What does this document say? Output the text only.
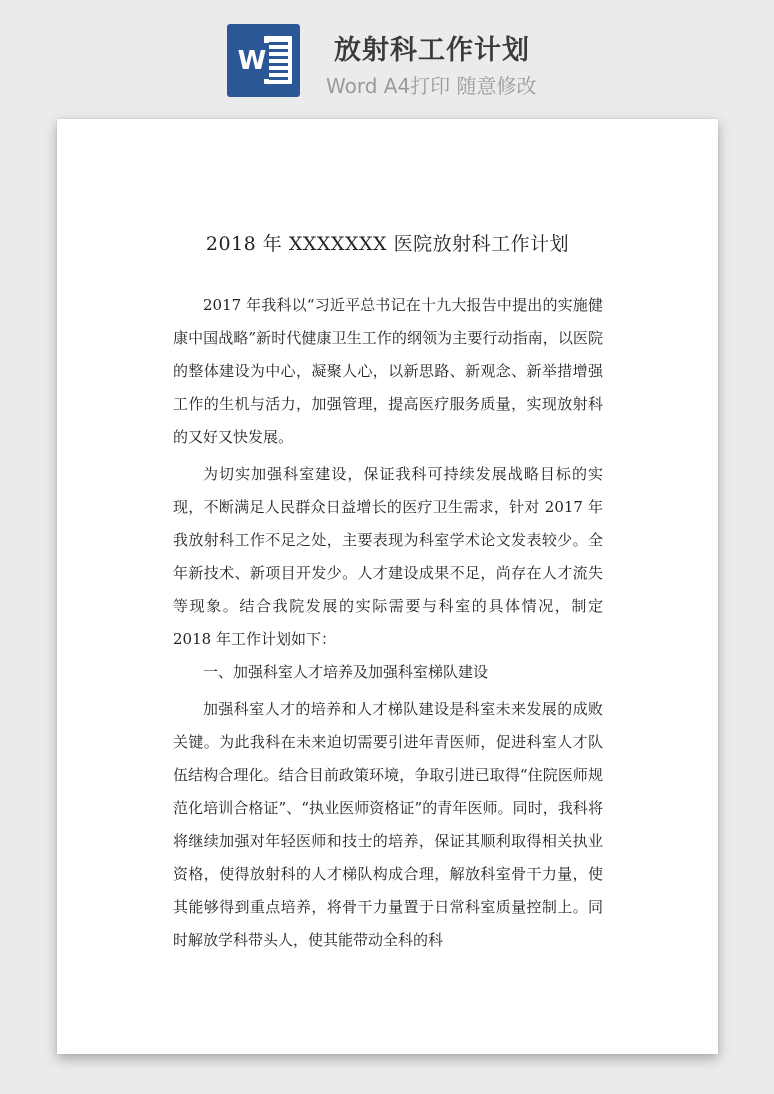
W	放射科工作计划
Word A4打印 随意修改

2018 年 XXXXXXX 医院放射科工作计划

2017 年我科以“习近平总书记在十九大报告中提出的实施健康中国战略”新时代健康卫生工作的纲领为主要行动指南，以医院的整体建设为中心，凝聚人心，以新思路、新观念、新举措增强工作的生机与活力，加强管理，提高医疗服务质量，实现放射科的又好又快发展。

为切实加强科室建设，保证我科可持续发展战略目标的实现，不断满足人民群众日益增长的医疗卫生需求，针对 2017 年我放射科工作不足之处，主要表现为科室学术论文发表较少。全年新技术、新项目开发少。人才建设成果不足，尚存在人才流失等现象。结合我院发展的实际需要与科室的具体情况，制定 2018 年工作计划如下：

一、加强科室人才培养及加强科室梯队建设

加强科室人才的培养和人才梯队建设是科室未来发展的成败关键。为此我科在未来迫切需要引进年青医师，促进科室人才队伍结构合理化。结合目前政策环境，争取引进已取得“住院医师规范化培训合格证”、“执业医师资格证”的青年医师。同时，我科将将继续加强对年轻医师和技士的培养，保证其顺利取得相关执业资格，使得放射科的人才梯队构成合理，解放科室骨干力量，使其能够得到重点培养，将骨干力量置于日常科室质量控制上。同时解放学科带头人，使其能带动全科的科
